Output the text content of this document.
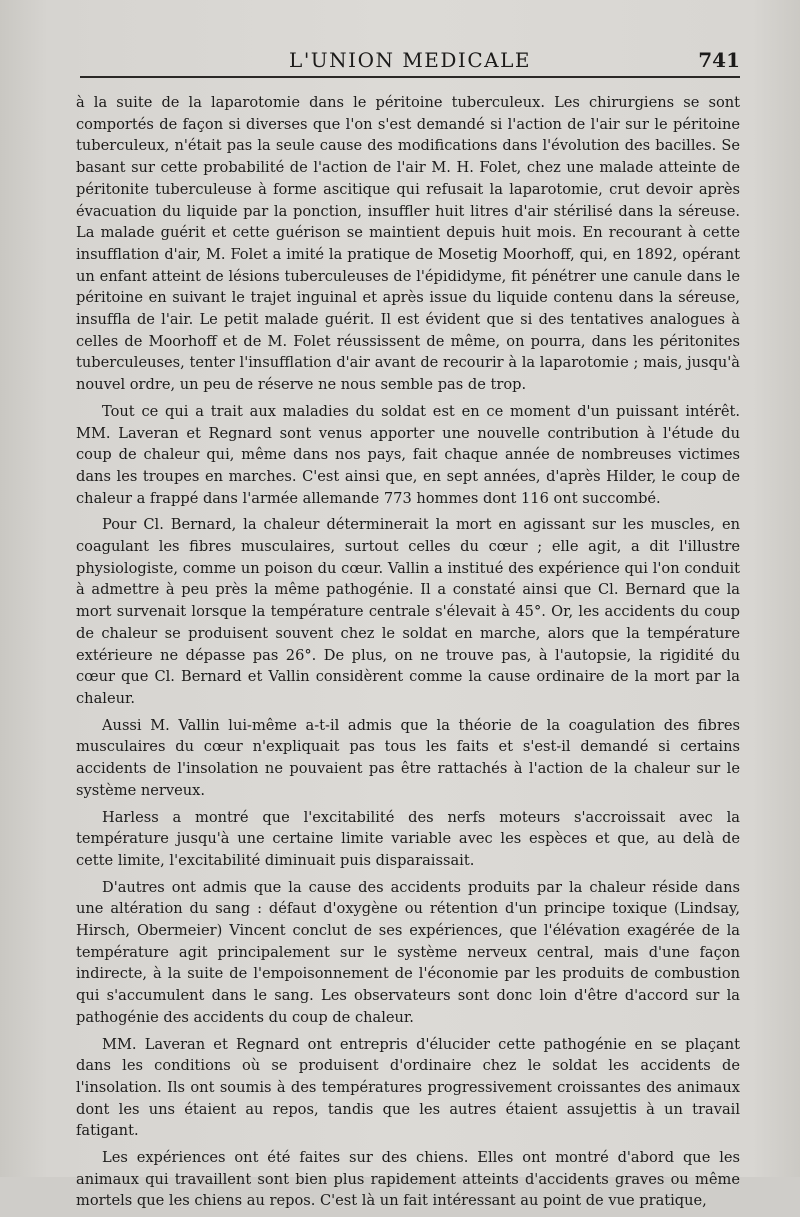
L'UNION MEDICALE	741

à la suite de la laparotomie dans le péritoine tuberculeux. Les chirurgiens se sont comportés de façon si diverses que l'on s'est demandé si l'action de l'air sur le péritoine tuberculeux, n'était pas la seule cause des modifications dans l'évolution des bacilles. Se basant sur cette probabilité de l'action de l'air M. H. Folet, chez une malade atteinte de péritonite tuberculeuse à forme ascitique qui refusait la laparotomie, crut devoir après évacuation du liquide par la ponction, insuffler huit litres d'air stérilisé dans la séreuse. La malade guérit et cette guérison se maintient depuis huit mois. En recourant à cette insufflation d'air, M. Folet a imité la pratique de Mosetig Moorhoff, qui, en 1892, opérant un enfant atteint de lésions tuberculeuses de l'épididyme, fit pénétrer une canule dans le péritoine en suivant le trajet inguinal et après issue du liquide contenu dans la séreuse, insuffla de l'air. Le petit malade guérit. Il est évident que si des tentatives analogues à celles de Moorhoff et de M. Folet réussissent de même, on pourra, dans les péritonites tuberculeuses, tenter l'insufflation d'air avant de recourir à la laparotomie ; mais, jusqu'à nouvel ordre, un peu de réserve ne nous semble pas de trop.

Tout ce qui a trait aux maladies du soldat est en ce moment d'un puissant intérêt. MM. Laveran et Regnard sont venus apporter une nouvelle contribution à l'étude du coup de chaleur qui, même dans nos pays, fait chaque année de nombreuses victimes dans les troupes en marches. C'est ainsi que, en sept années, d'après Hilder, le coup de chaleur a frappé dans l'armée allemande 773 hommes dont 116 ont succombé.

Pour Cl. Bernard, la chaleur déterminerait la mort en agissant sur les muscles, en coagulant les fibres musculaires, surtout celles du cœur ; elle agit, a dit l'illustre physiologiste, comme un poison du cœur. Vallin a institué des expérience qui l'on conduit à admettre à peu près la même pathogénie. Il a constaté ainsi que Cl. Bernard que la mort survenait lorsque la température centrale s'élevait à 45°. Or, les accidents du coup de chaleur se produisent souvent chez le soldat en marche, alors que la température extérieure ne dépasse pas 26°. De plus, on ne trouve pas, à l'autopsie, la rigidité du cœur que Cl. Bernard et Vallin considèrent comme la cause ordinaire de la mort par la chaleur.

Aussi M. Vallin lui-même a-t-il admis que la théorie de la coagulation des fibres musculaires du cœur n'expliquait pas tous les faits et s'est-il demandé si certains accidents de l'insolation ne pouvaient pas être rattachés à l'action de la chaleur sur le système nerveux.

Harless a montré que l'excitabilité des nerfs moteurs s'accroissait avec la température jusqu'à une certaine limite variable avec les espèces et que, au delà de cette limite, l'excitabilité diminuait puis disparaissait.

D'autres ont admis que la cause des accidents produits par la chaleur réside dans une altération du sang : défaut d'oxygène ou rétention d'un principe toxique (Lindsay, Hirsch, Obermeier) Vincent conclut de ses expériences, que l'élévation exagérée de la température agit principalement sur le système nerveux central, mais d'une façon indirecte, à la suite de l'empoisonnement de l'économie par les produits de combustion qui s'accumulent dans le sang. Les observateurs sont donc loin d'être d'accord sur la pathogénie des accidents du coup de chaleur.

MM. Laveran et Regnard ont entrepris d'élucider cette pathogénie en se plaçant dans les conditions où se produisent d'ordinaire chez le soldat les accidents de l'insolation. Ils ont soumis à des températures progressivement croissantes des animaux dont les uns étaient au repos, tandis que les autres étaient assujettis à un travail fatigant.

Les expériences ont été faites sur des chiens. Elles ont montré d'abord que les animaux qui travaillent sont bien plus rapidement atteints d'accidents graves ou même mortels que les chiens au repos. C'est là un fait intéressant au point de vue pratique,
